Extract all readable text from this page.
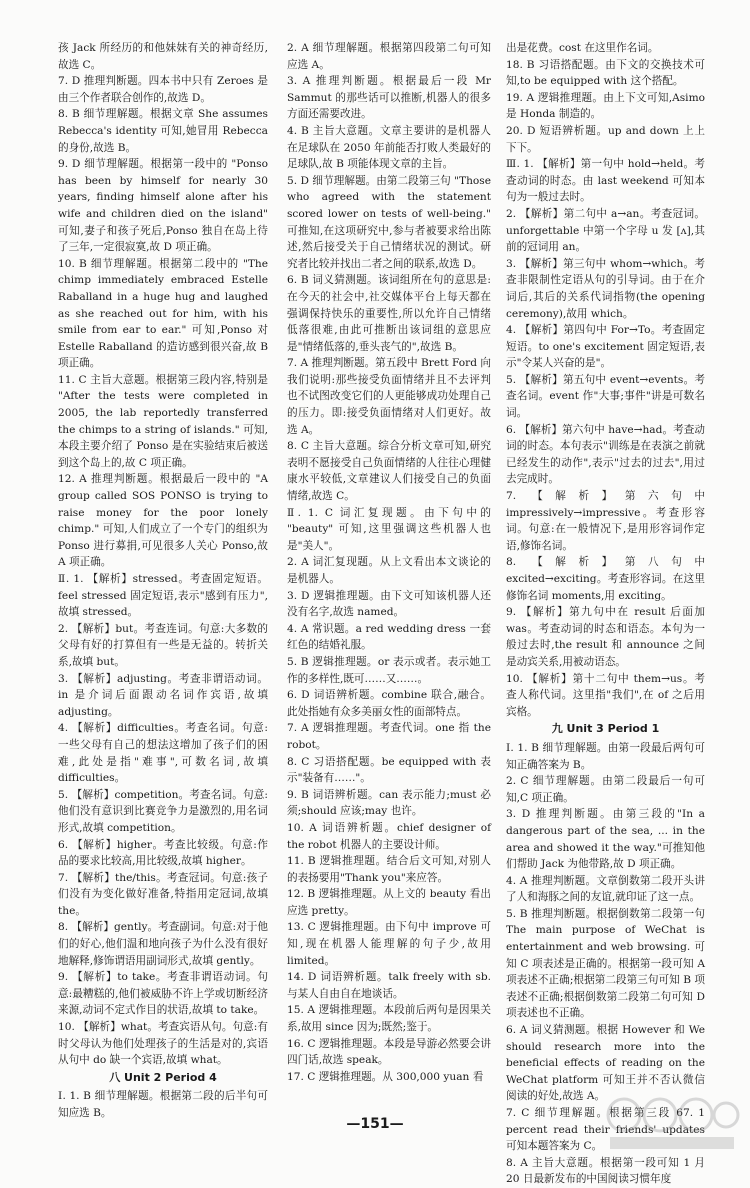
孩 Jack 所经历的和他妹妹有关的神奇经历,故选 C。

7. D 推理判断题。四本书中只有 Zeroes 是由三个作者联合创作的,故选 D。

8. B 细节理解题。根据文章 She assumes Rebecca's identity 可知,她冒用 Rebecca 的身份,故选 B。

9. D 细节理解题。根据第一段中的 "Ponso has been by himself for nearly 30 years, finding himself alone after his wife and children died on the island" 可知,妻子和孩子死后,Ponso 独自在岛上待了三年,一定很寂寞,故 D 项正确。

10. B 细节理解题。根据第二段中的 "The chimp immediately embraced Estelle Raballand in a huge hug and laughed as she reached out for him, with his smile from ear to ear." 可知,Ponso 对 Estelle Raballand 的造访感到很兴奋,故 B 项正确。

11. C 主旨大意题。根据第三段内容,特别是 "After the tests were completed in 2005, the lab reportedly transferred the chimps to a string of islands." 可知,本段主要介绍了 Ponso 是在实验结束后被送到这个岛上的,故 C 项正确。

12. A 推理判断题。根据最后一段中的 "A group called SOS PONSO is trying to raise money for the poor lonely chimp." 可知,人们成立了一个专门的组织为 Ponso 进行募捐,可见很多人关心 Ponso,故 A 项正确。

Ⅱ. 1. 【解析】stressed。考查固定短语。feel stressed 固定短语,表示"感到有压力",故填 stressed。

2. 【解析】but。考查连词。句意:大多数的父母有好的打算但有一些是无益的。转折关系,故填 but。

3. 【解析】adjusting。考查非谓语动词。in 是介词后面跟动名词作宾语,故填 adjusting。

4. 【解析】difficulties。考查名词。句意:一些父母有自己的想法这增加了孩子们的困难,此处是指"难事",可数名词,故填 difficulties。

5. 【解析】competition。考查名词。句意:他们没有意识到比赛竞争力是激烈的,用名词形式,故填 competition。

6. 【解析】higher。考查比较级。句意:作品的要求比较高,用比较级,故填 higher。

7. 【解析】the/this。考查冠词。句意:孩子们没有为变化做好准备,特指用定冠词,故填 the。

8. 【解析】gently。考查副词。句意:对于他们的好心,他们温和地向孩子为什么没有很好地解释,修饰谓语用副词形式,故填 gently。

9. 【解析】to take。考查非谓语动词。句意:最糟糕的,他们被威胁不许上学或切断经济来源,动词不定式作目的状语,故填 to take。

10. 【解析】what。考查宾语从句。句意:有时父母认为他们处理孩子的生活是对的,宾语从句中 do 缺一个宾语,故填 what。

八 Unit 2 Period 4

Ⅰ. 1. B 细节理解题。根据第二段的后半句可知应选 B。

2. A 细节理解题。根据第四段第二句可知应选 A。

3. A 推理判断题。根据最后一段 Mr Sammut 的那些话可以推断,机器人的很多方面还需要改进。

4. B 主旨大意题。文章主要讲的是机器人在足球队在 2050 年前能否打败人类最好的足球队,故 B 项能体现文章的主旨。

5. D 细节理解题。由第二段第三句 "Those who agreed with the statement scored lower on tests of well-being." 可推知,在这项研究中,参与者被要求给出陈述,然后接受关于自己情绪状况的测试。研究者比较并找出二者之间的联系,故选 D。

6. B 词义猜测题。该词组所在句的意思是:在今天的社会中,社交媒体平台上每天都在强调保持快乐的重要性,所以允许自己情绪低落很难,由此可推断出该词组的意思应是"情绪低落的,垂头丧气的",故选 B。

7. A 推理判断题。第五段中 Brett Ford 向我们说明:那些接受负面情绪并且不去评判也不试图改变它们的人更能够成功处理自己的压力。即:接受负面情绪对人们更好。故选 A。

8. C 主旨大意题。综合分析文章可知,研究表明不愿接受自己负面情绪的人往往心理健康水平较低,文章建议人们接受自己的负面情绪,故选 C。

Ⅱ. 1. C 词汇复现题。由下句中的 "beauty" 可知,这里强调这些机器人也是"美人"。

2. A 词汇复现题。从上文看出本文谈论的是机器人。

3. D 逻辑推理题。由下文可知该机器人还没有名字,故选 named。

4. A 常识题。a red wedding dress 一套红色的结婚礼服。

5. B 逻辑推理题。or 表示或者。表示她工作的多样性,既可……又……。

6. D 词语辨析题。combine 联合,融合。此处指她有众多美丽女性的面部特点。

7. A 逻辑推理题。考查代词。one 指 the robot。

8. C 习语搭配题。be equipped with 表示"装备有……"。

9. B 词语辨析题。can 表示能力;must 必须;should 应该;may 也许。

10. A 词语辨析题。chief designer of the robot 机器人的主要设计师。

11. B 逻辑推理题。结合后文可知,对别人的表扬要用"Thank you"来应答。

12. B 逻辑推理题。从上文的 beauty 看出应选 pretty。

13. C 逻辑推理题。由下句中 improve 可知,现在机器人能理解的句子少,故用 limited。

14. D 词语辨析题。talk freely with sb. 与某人自由自在地谈话。

15. A 逻辑推理题。本段前后两句是因果关系,故用 since 因为;既然;鉴于。

16. C 逻辑推理题。本段是导游必然要会讲四门话,故选 speak。

17. C 逻辑推理题。从 300,000 yuan 看

出是花费。cost 在这里作名词。

18. B 习语搭配题。由下文的交换技术可知,to be equipped with 这个搭配。

19. A 逻辑推理题。由上下文可知,Asimo 是 Honda 制造的。

20. D 短语辨析题。up and down 上上下下。

Ⅲ. 1. 【解析】第一句中 hold→held。考查动词的时态。由 last weekend 可知本句为一般过去时。

2. 【解析】第二句中 a→an。考查冠词。unforgettable 中第一个字母 u 发 [ʌ],其前的冠词用 an。

3. 【解析】第三句中 whom→which。考查非限制性定语从句的引导词。由于在介词后,其后的关系代词指物(the opening ceremony),故用 which。

4. 【解析】第四句中 For→To。考查固定短语。to one's excitement 固定短语,表示"令某人兴奋的是"。

5. 【解析】第五句中 event→events。考查名词。event 作"大事;事件"讲是可数名词。

6. 【解析】第六句中 have→had。考查动词的时态。本句表示"训练是在表演之前就已经发生的动作",表示"过去的过去",用过去完成时。

7. 【解析】第六句中 impressively→impressive。考查形容词。句意:在一般情况下,是用形容词作定语,修饰名词。

8. 【解析】第八句中 excited→exciting。考查形容词。在这里修饰名词 moments,用 exciting。

9. 【解析】第九句中在 result 后面加 was。考查动词的时态和语态。本句为一般过去时,the result 和 announce 之间是动宾关系,用被动语态。

10. 【解析】第十二句中 them→us。考查人称代词。这里指"我们",在 of 之后用宾格。

九 Unit 3 Period 1

Ⅰ. 1. B 细节理解题。由第一段最后两句可知正确答案为 B。

2. C 细节理解题。由第二段最后一句可知,C 项正确。

3. D 推理判断题。由第三段的"In a dangerous part of the sea, ... in the area and showed it the way."可推知他们帮助 Jack 为他带路,故 D 项正确。

4. A 推理判断题。文章倒数第二段开头讲了人和海豚之间的友谊,就印证了这一点。

5. B 推理判断题。根据倒数第二段第一句 The main purpose of WeChat is entertainment and web browsing. 可知 C 项表述是正确的。根据第一段可知 A 项表述不正确;根据第二段第三句可知 B 项表述不正确;根据倒数第二段第二句可知 D 项表述也不正确。

6. A 词义猜测题。根据 However 和 We should research more into the beneficial effects of reading on the WeChat platform 可知王并不否认微信阅读的好处,故选 A。

7. C 细节理解题。根据第三段 67. 1 percent read their friends' updates 可知本题答案为 C。

8. A 主旨大意题。根据第一段可知 1 月 20 日最新发布的中国阅读习惯年度

—151—
